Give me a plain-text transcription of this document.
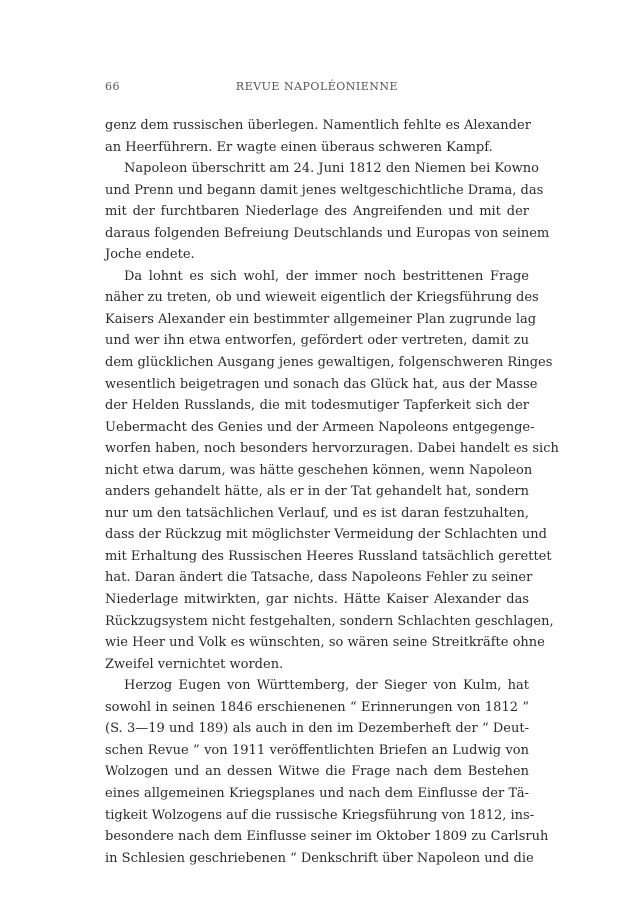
66	REVUE NAPOLÉONIENNE
genz dem russischen überlegen. Namentlich fehlte es Alexander
an Heerführern. Er wagte einen überaus schweren Kampf.
Napoleon überschritt am 24. Juni 1812 den Niemen bei Kowno
und Prenn und begann damit jenes weltgeschichtliche Drama, das
mit der furchtbaren Niederlage des Angreifenden und mit der
daraus folgenden Befreiung Deutschlands und Europas von seinem
Joche endete.
Da lohnt es sich wohl, der immer noch bestrittenen Frage
näher zu treten, ob und wieweit eigentlich der Kriegsführung des
Kaisers Alexander ein bestimmter allgemeiner Plan zugrunde lag
und wer ihn etwa entworfen, gefördert oder vertreten, damit zu
dem glücklichen Ausgang jenes gewaltigen, folgenschweren Ringes
wesentlich beigetragen und sonach das Glück hat, aus der Masse
der Helden Russlands, die mit todesmutiger Tapferkeit sich der
Uebermacht des Genies und der Armeen Napoleons entgegenge-
worfen haben, noch besonders hervorzuragen. Dabei handelt es sich
nicht etwa darum, was hätte geschehen können, wenn Napoleon
anders gehandelt hätte, als er in der Tat gehandelt hat, sondern
nur um den tatsächlichen Verlauf, und es ist daran festzuhalten,
dass der Rückzug mit möglichster Vermeidung der Schlachten und
mit Erhaltung des Russischen Heeres Russland tatsächlich gerettet
hat. Daran ändert die Tatsache, dass Napoleons Fehler zu seiner
Niederlage mitwirkten, gar nichts. Hätte Kaiser Alexander das
Rückzugsystem nicht festgehalten, sondern Schlachten geschlagen,
wie Heer und Volk es wünschten, so wären seine Streitkräfte ohne
Zweifel vernichtet worden.
Herzog Eugen von Württemberg, der Sieger von Kulm, hat
sowohl in seinen 1846 erschienenen “ Erinnerungen von 1812 ”
(S. 3—19 und 189) als auch in den im Dezemberheft der “ Deut-
schen Revue ” von 1911 veröffentlichten Briefen an Ludwig von
Wolzogen und an dessen Witwe die Frage nach dem Bestehen
eines allgemeinen Kriegsplanes und nach dem Einflusse der Tä-
tigkeit Wolzogens auf die russische Kriegsführung von 1812, ins-
besondere nach dem Einflusse seiner im Oktober 1809 zu Carlsruh
in Schlesien geschriebenen “ Denkschrift über Napoleon und die
